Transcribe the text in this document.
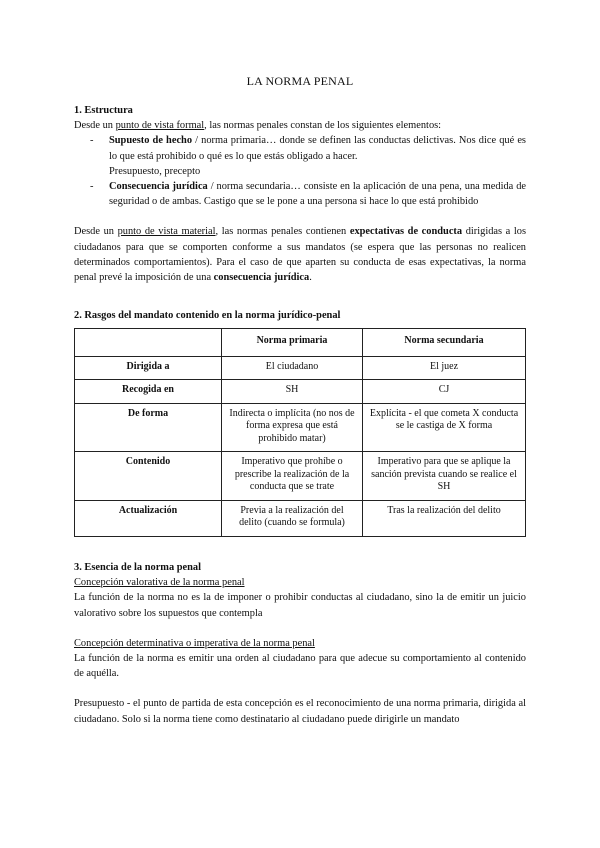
LA NORMA PENAL
1. Estructura

Desde un punto de vista formal, las normas penales constan de los siguientes elementos:

- Supuesto de hecho / norma primaria… donde se definen las conductas delictivas. Nos dice qué es lo que está prohibido o qué es lo que estás obligado a hacer.
Presupuesto, precepto
- Consecuencia jurídica / norma secundaria… consiste en la aplicación de una pena, una medida de seguridad o de ambas. Castigo que se le pone a una persona si hace lo que está prohibido

Desde un punto de vista material, las normas penales contienen expectativas de conducta dirigidas a los ciudadanos para que se comporten conforme a sus mandatos (se espera que las personas no realicen determinados comportamientos). Para el caso de que aparten su conducta de esas expectativas, la norma penal prevé la imposición de una consecuencia jurídica.

2. Rasgos del mandato contenido en la norma jurídico-penal
	Norma primaria	Norma secundaria
Dirigida a	El ciudadano	El juez
Recogida en	SH	CJ
De forma	Indirecta o implícita (no nos de forma expresa que está prohibido matar)	Explícita - el que cometa X conducta se le castiga de X forma
Contenido	Imperativo que prohíbe o prescribe la realización de la conducta que se trate	Imperativo para que se aplique la sanción prevista cuando se realice el SH
Actualización	Previa a la realización del delito (cuando se formula)	Tras la realización del delito
3. Esencia de la norma penal

Concepción valorativa de la norma penal

La función de la norma no es la de imponer o prohibir conductas al ciudadano, sino la de emitir un juicio valorativo sobre los supuestos que contempla

Concepción determinativa o imperativa de la norma penal

La función de la norma es emitir una orden al ciudadano para que adecue su comportamiento al contenido de aquélla.

Presupuesto - el punto de partida de esta concepción es el reconocimiento de una norma primaria, dirigida al ciudadano. Solo si la norma tiene como destinatario al ciudadano puede dirigirle un mandato
